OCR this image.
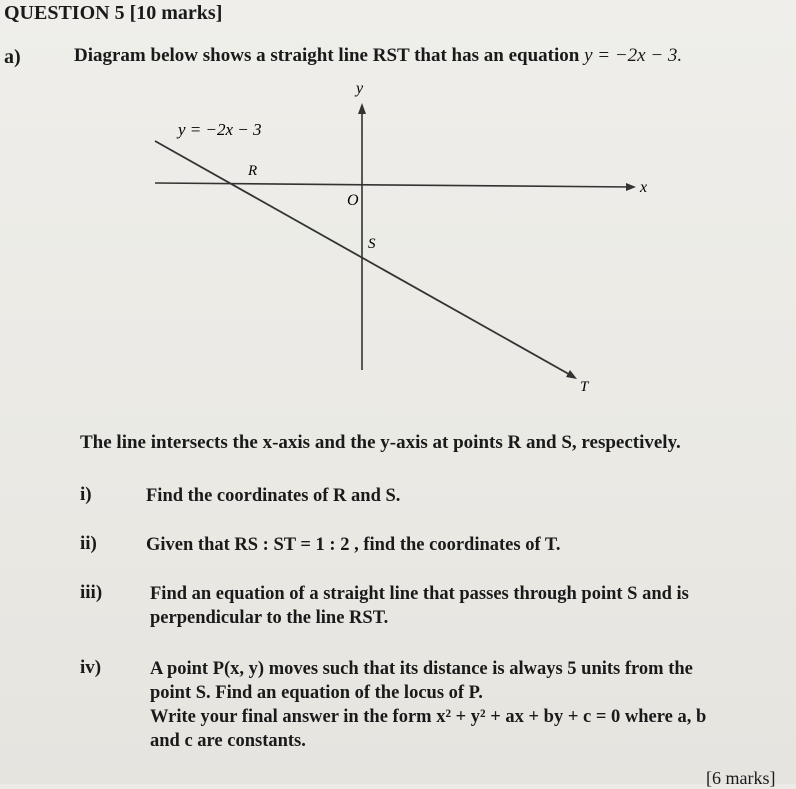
QUESTION 5 [10 marks]
a)	Diagram below shows a straight line RST that has an equation y = −2x − 3.
y = −2x − 3
y
x
O
R
S
T
The line intersects the x-axis and the y-axis at points R and S, respectively.
i)	Find the coordinates of R and S.
ii)	Given that RS : ST = 1 : 2 , find the coordinates of T.
iii)	Find an equation of a straight line that passes through point S and is
perpendicular to the line RST.
iv)	A point P(x, y) moves such that its distance is always 5 units from the
point S. Find an equation of the locus of P.
Write your final answer in the form x² + y² + ax + by + c = 0 where a, b
and c are constants.
[6 marks]
